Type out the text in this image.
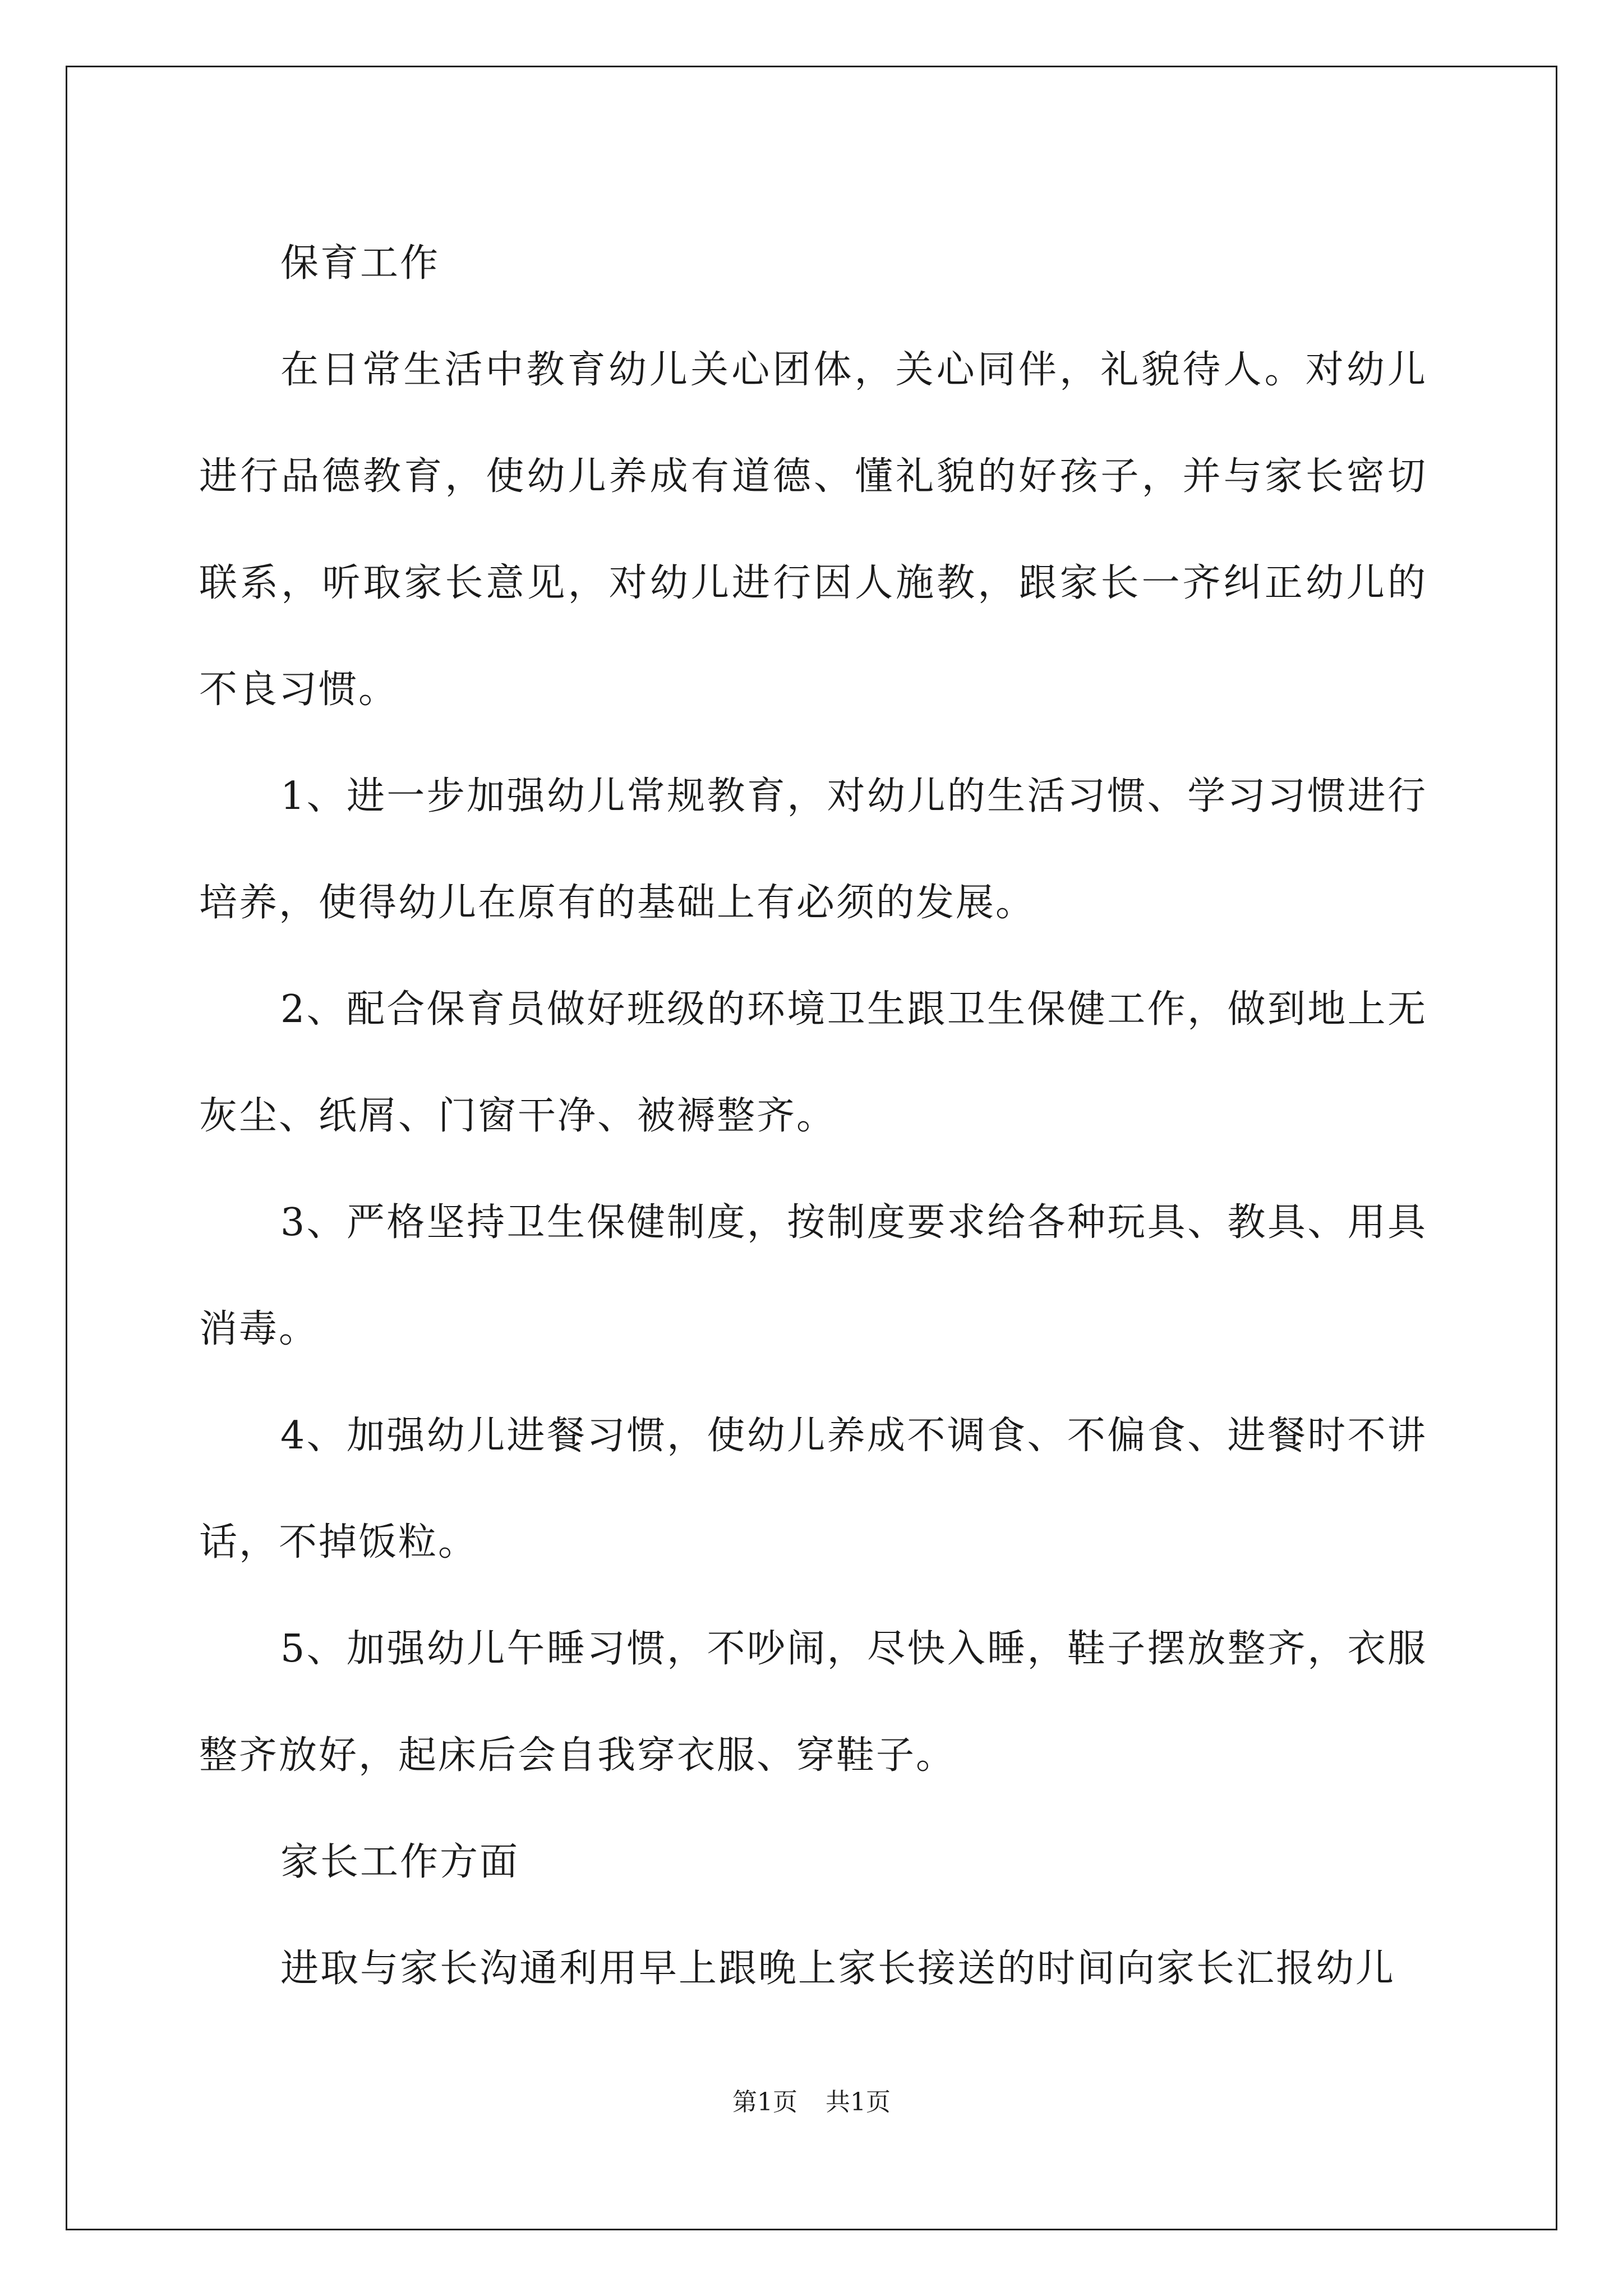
保育工作

在日常生活中教育幼儿关心团体，关心同伴，礼貌待人。对幼儿进行品德教育，使幼儿养成有道德、懂礼貌的好孩子，并与家长密切联系，听取家长意见，对幼儿进行因人施教，跟家长一齐纠正幼儿的不良习惯。

1、进一步加强幼儿常规教育，对幼儿的生活习惯、学习习惯进行培养，使得幼儿在原有的基础上有必须的发展。

2、配合保育员做好班级的环境卫生跟卫生保健工作，做到地上无灰尘、纸屑、门窗干净、被褥整齐。

3、严格坚持卫生保健制度，按制度要求给各种玩具、教具、用具消毒。

4、加强幼儿进餐习惯，使幼儿养成不调食、不偏食、进餐时不讲话，不掉饭粒。

5、加强幼儿午睡习惯，不吵闹，尽快入睡，鞋子摆放整齐，衣服整齐放好，起床后会自我穿衣服、穿鞋子。

家长工作方面

进取与家长沟通利用早上跟晚上家长接送的时间向家长汇报幼儿

第1页 共1页
